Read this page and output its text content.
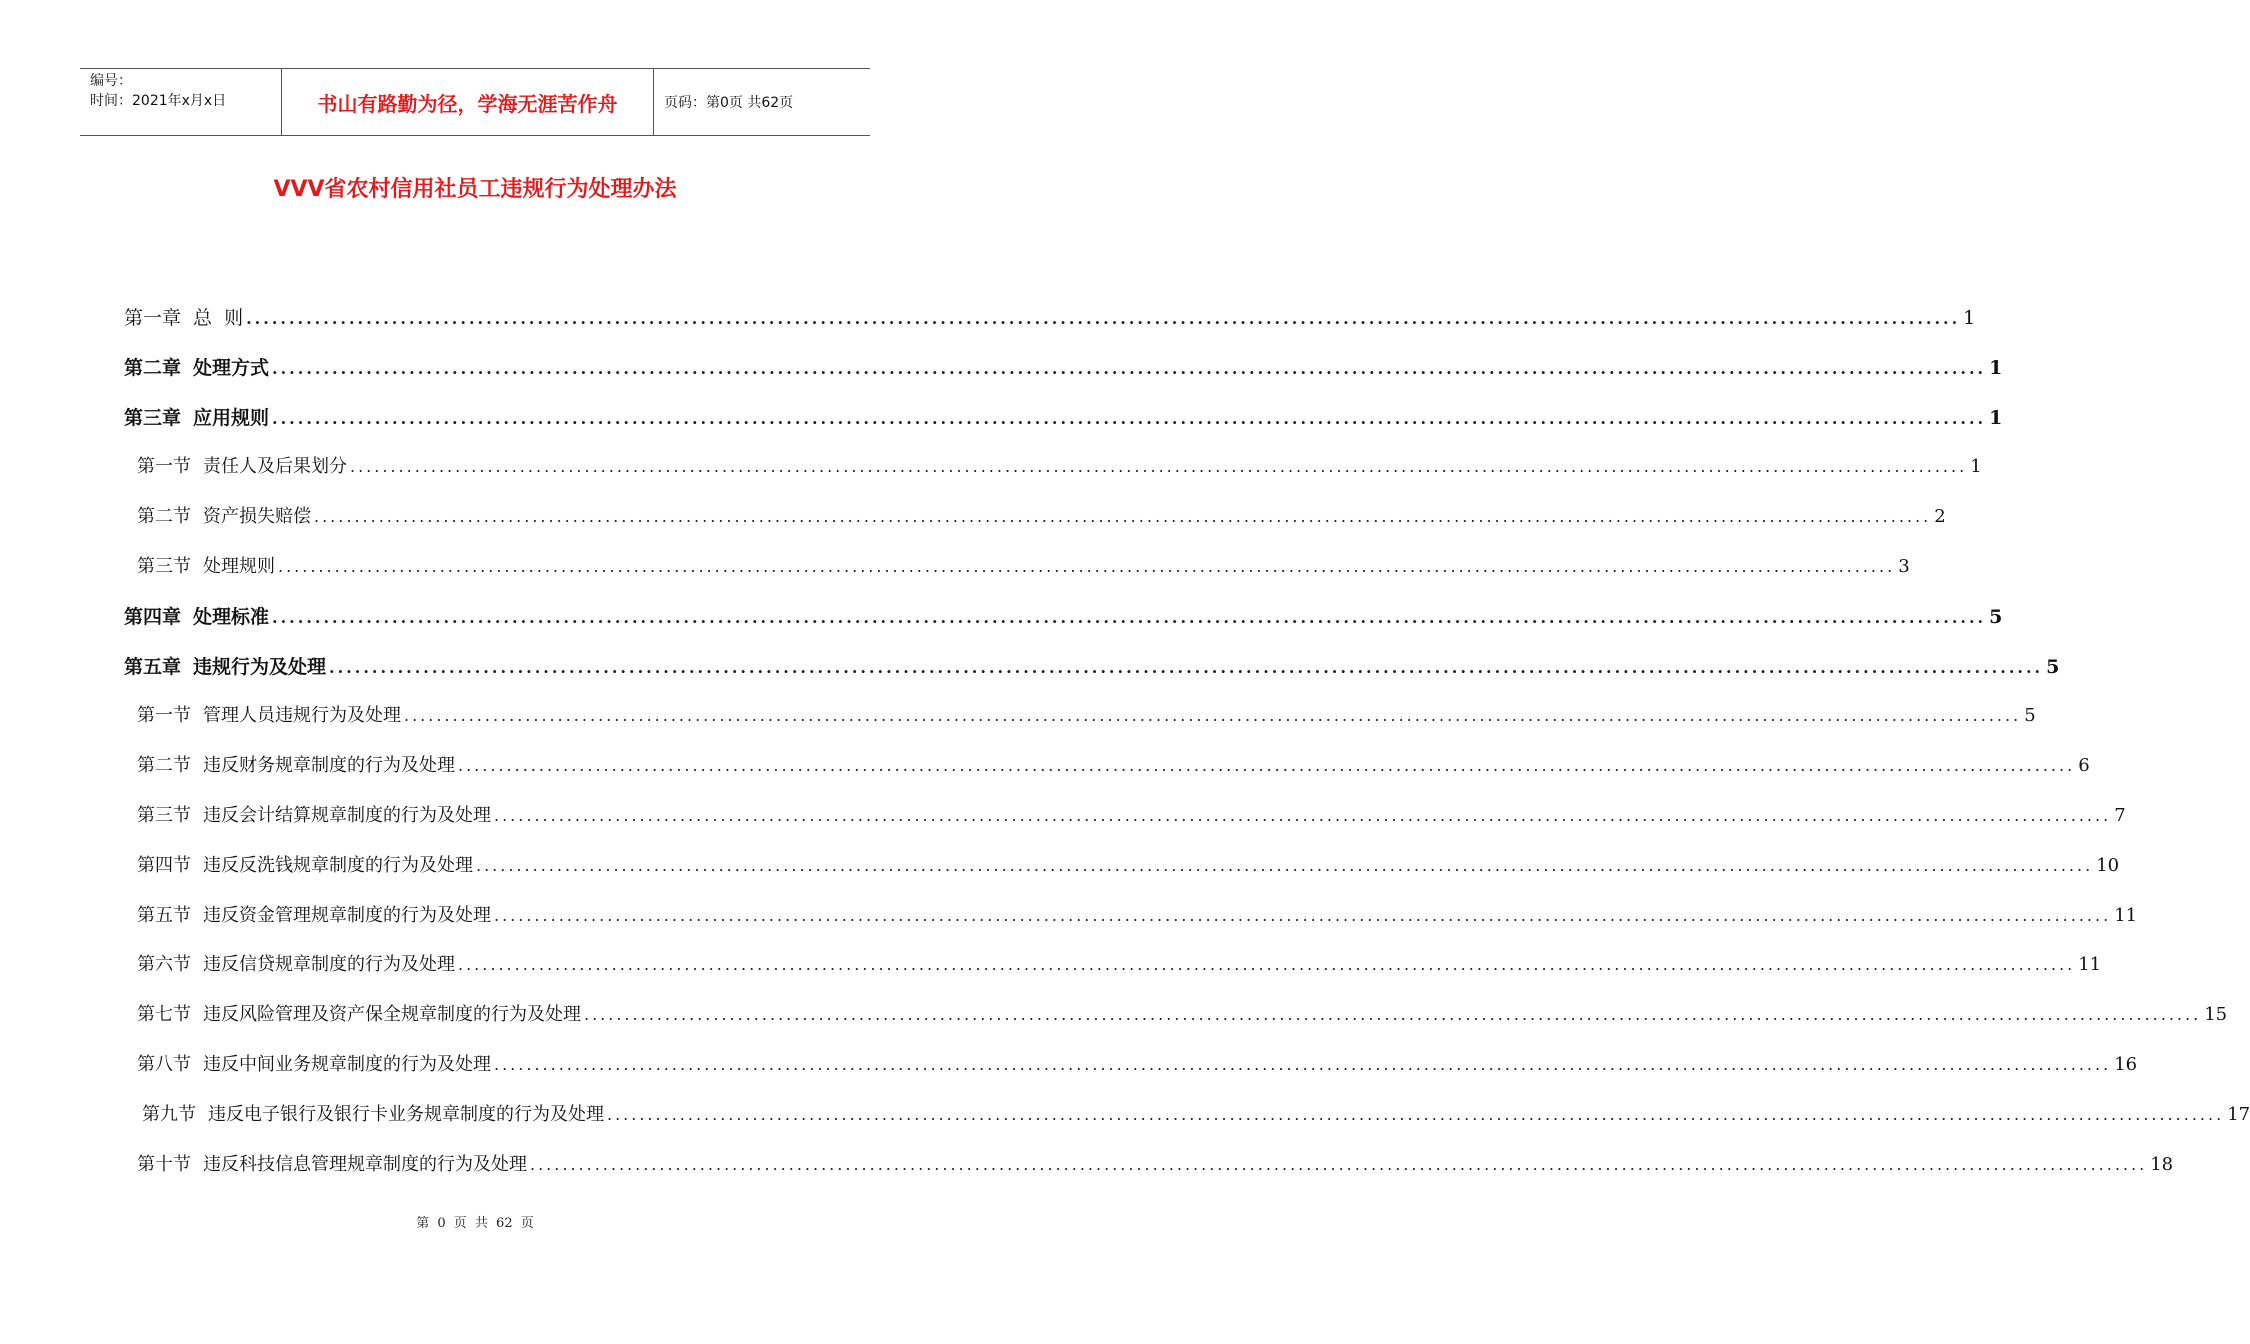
编号：
时间：2021年x月x日	书山有路勤为径，学海无涯苦作舟	页码：第0页 共62页
VVV省农村信用社员工违规行为处理办法
第一章 总  则 ........................................................................................................................................................................................................ 1
第二章 处理方式 ........................................................................................................................................................................................................ 1
第三章 应用规则 ........................................................................................................................................................................................................ 1
第一节 责任人及后果划分 ........................................................................................................................................................................................................ 1
第二节 资产损失赔偿 ........................................................................................................................................................................................................ 2
第三节 处理规则 ........................................................................................................................................................................................................ 3
第四章 处理标准 ........................................................................................................................................................................................................ 5
第五章 违规行为及处理 ........................................................................................................................................................................................................ 5
第一节 管理人员违规行为及处理 ........................................................................................................................................................................................................ 5
第二节 违反财务规章制度的行为及处理 ........................................................................................................................................................................................................ 6
第三节 违反会计结算规章制度的行为及处理 ........................................................................................................................................................................................................ 7
第四节 违反反洗钱规章制度的行为及处理 ........................................................................................................................................................................................................ 10
第五节 违反资金管理规章制度的行为及处理 ........................................................................................................................................................................................................ 11
第六节 违反信贷规章制度的行为及处理 ........................................................................................................................................................................................................ 11
第七节 违反风险管理及资产保全规章制度的行为及处理 ........................................................................................................................................................................................................ 15
第八节 违反中间业务规章制度的行为及处理 ........................................................................................................................................................................................................ 16
第九节 违反电子银行及银行卡业务规章制度的行为及处理 ........................................................................................................................................................................................................ 17
第十节 违反科技信息管理规章制度的行为及处理 ........................................................................................................................................................................................................ 18
第 0 页 共 62 页
